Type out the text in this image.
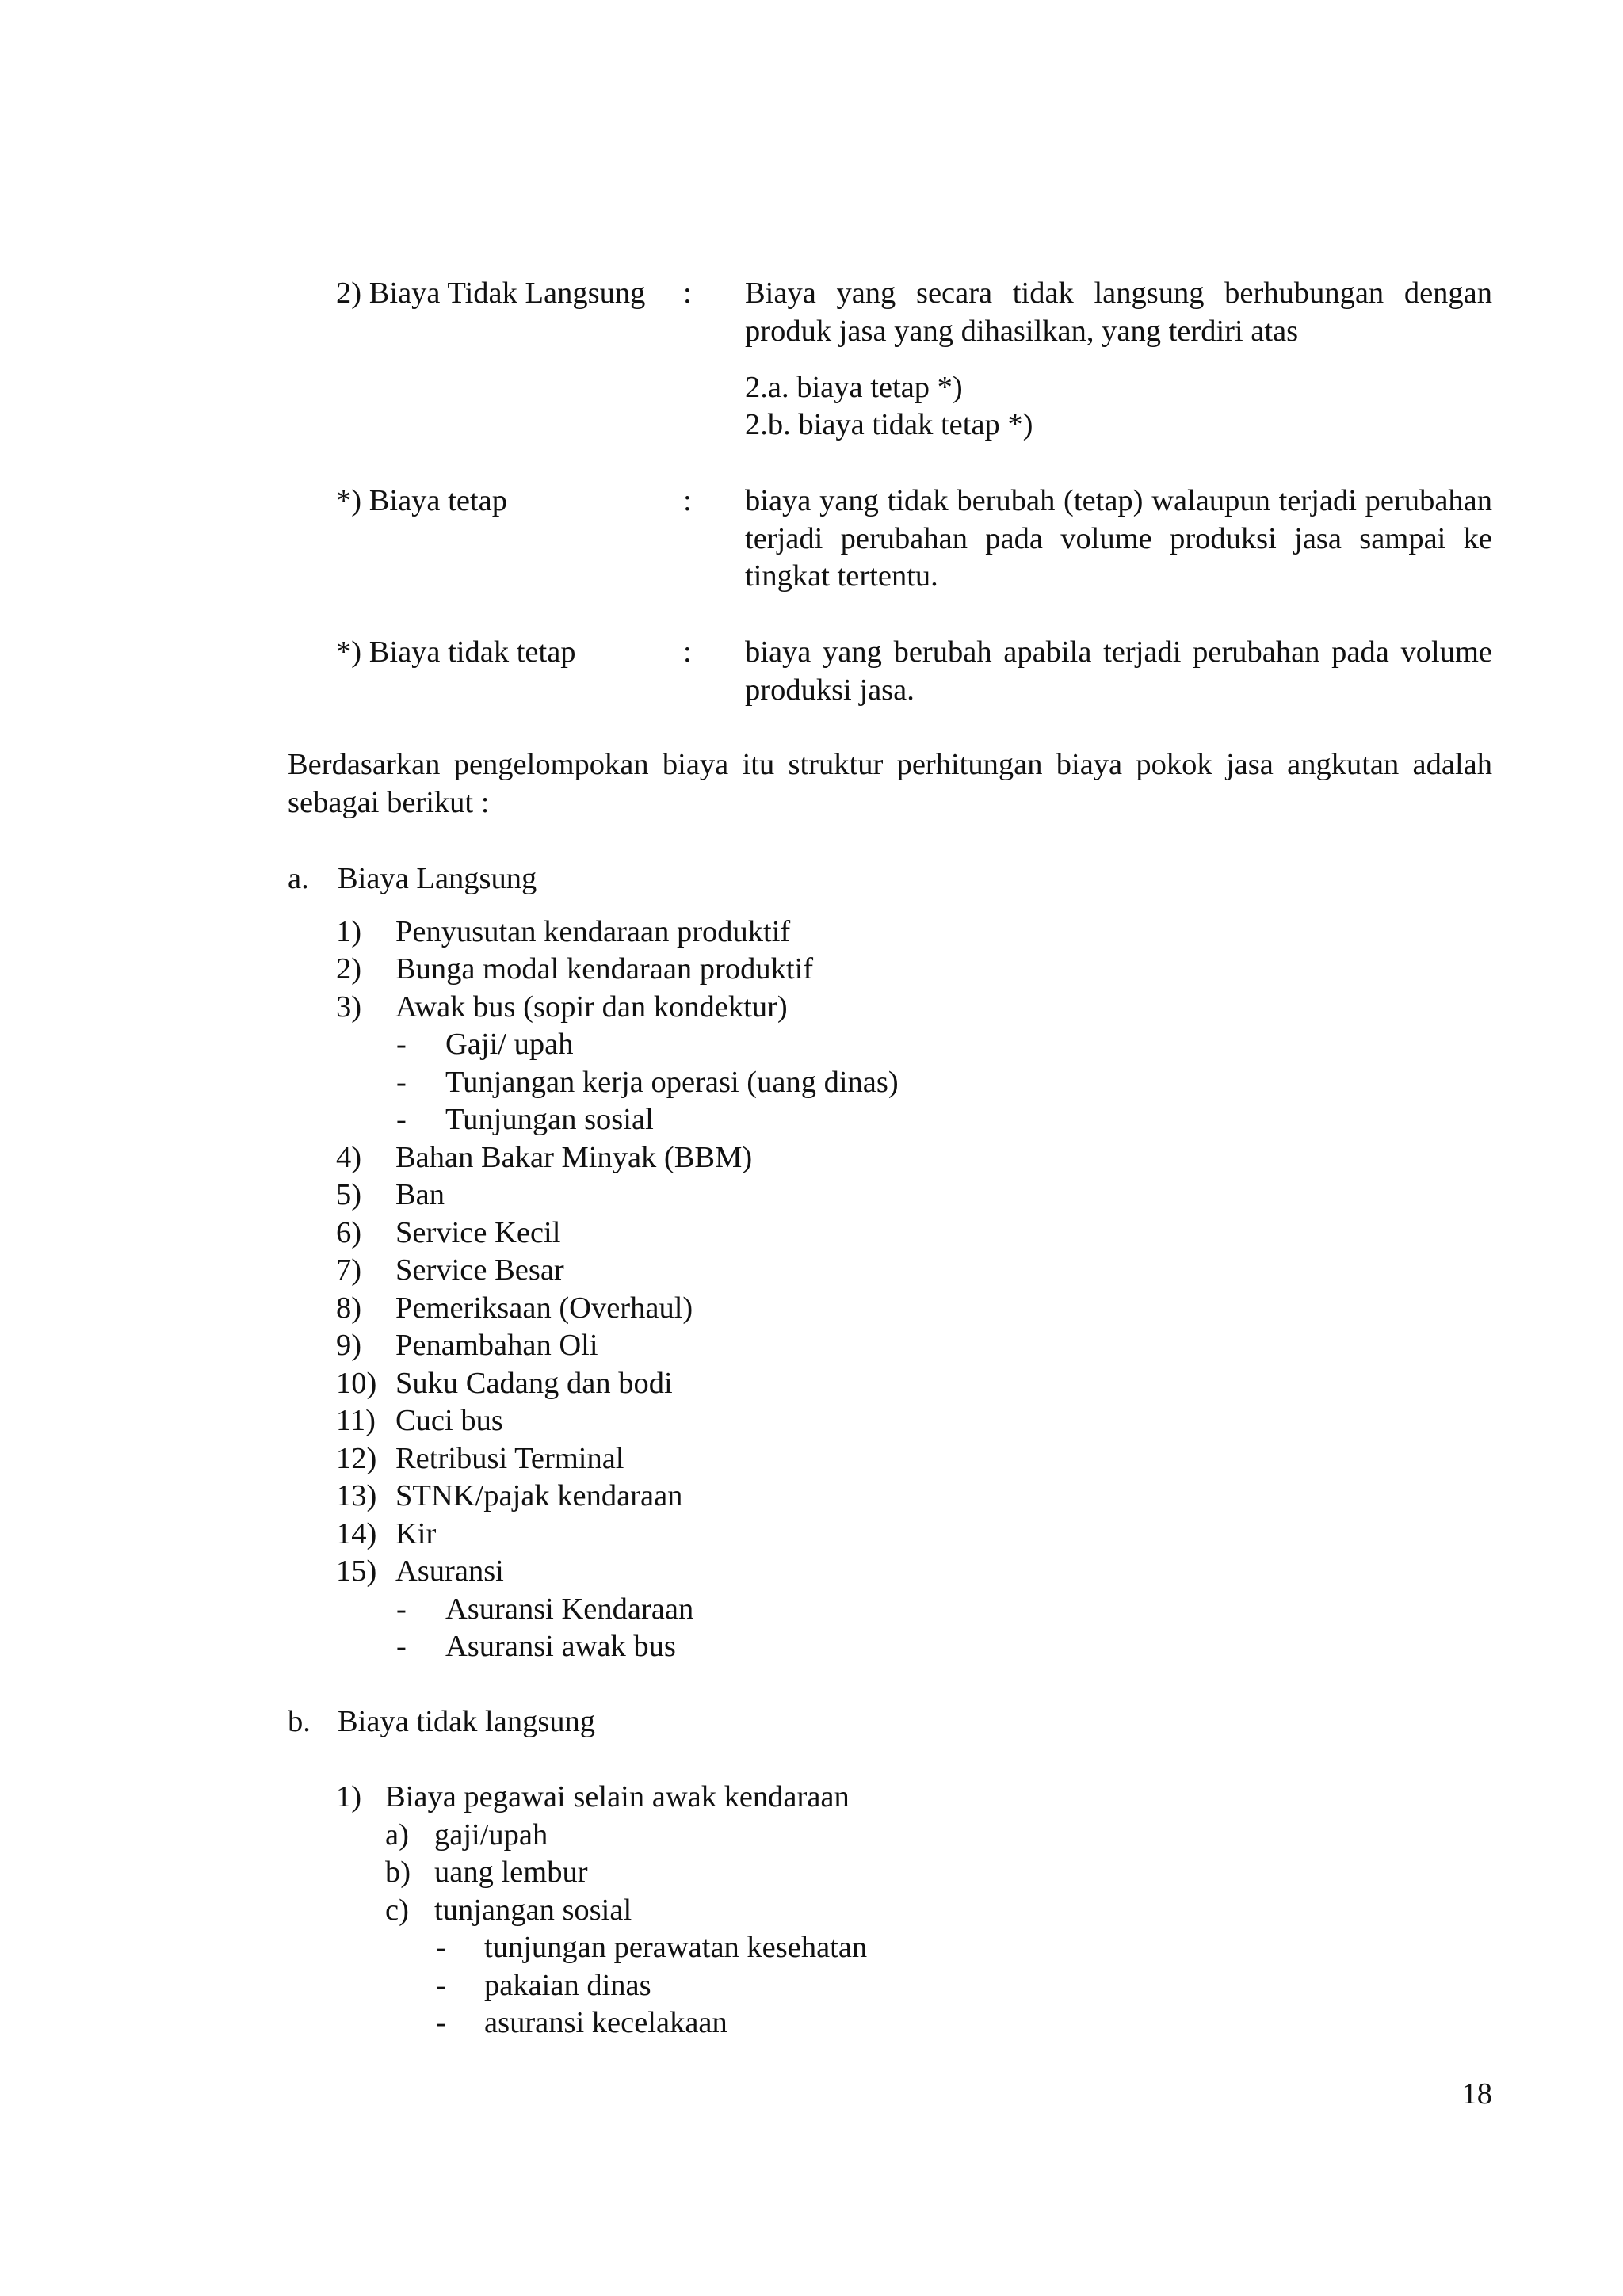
2) Biaya Tidak Langsung : Biaya yang secara tidak langsung berhubungan dengan produk jasa yang dihasilkan, yang terdiri atas
2.a. biaya tetap *)
2.b. biaya tidak tetap *)
*) Biaya tetap	: biaya yang tidak berubah (tetap) walaupun terjadi perubahan terjadi perubahan pada volume produksi jasa sampai ke tingkat tertentu.
*) Biaya tidak tetap	: biaya yang berubah apabila terjadi perubahan pada volume produksi jasa.
Berdasarkan pengelompokan biaya itu struktur perhitungan biaya pokok jasa angkutan adalah sebagai berikut :
a. Biaya Langsung
1) Penyusutan kendaraan produktif
2) Bunga modal kendaraan produktif
3) Awak bus (sopir dan kondektur)
- Gaji/ upah
- Tunjangan kerja operasi (uang dinas)
- Tunjungan sosial
4) Bahan Bakar Minyak (BBM)
5) Ban
6) Service Kecil
7) Service Besar
8) Pemeriksaan (Overhaul)
9) Penambahan Oli
10) Suku Cadang dan bodi
11) Cuci bus
12) Retribusi Terminal
13) STNK/pajak kendaraan
14) Kir
15) Asuransi
- Asuransi Kendaraan
- Asuransi awak bus
b. Biaya tidak langsung
1) Biaya pegawai selain awak kendaraan
a) gaji/upah
b) uang lembur
c) tunjangan sosial
- tunjungan perawatan kesehatan
- pakaian dinas
- asuransi kecelakaan
18
